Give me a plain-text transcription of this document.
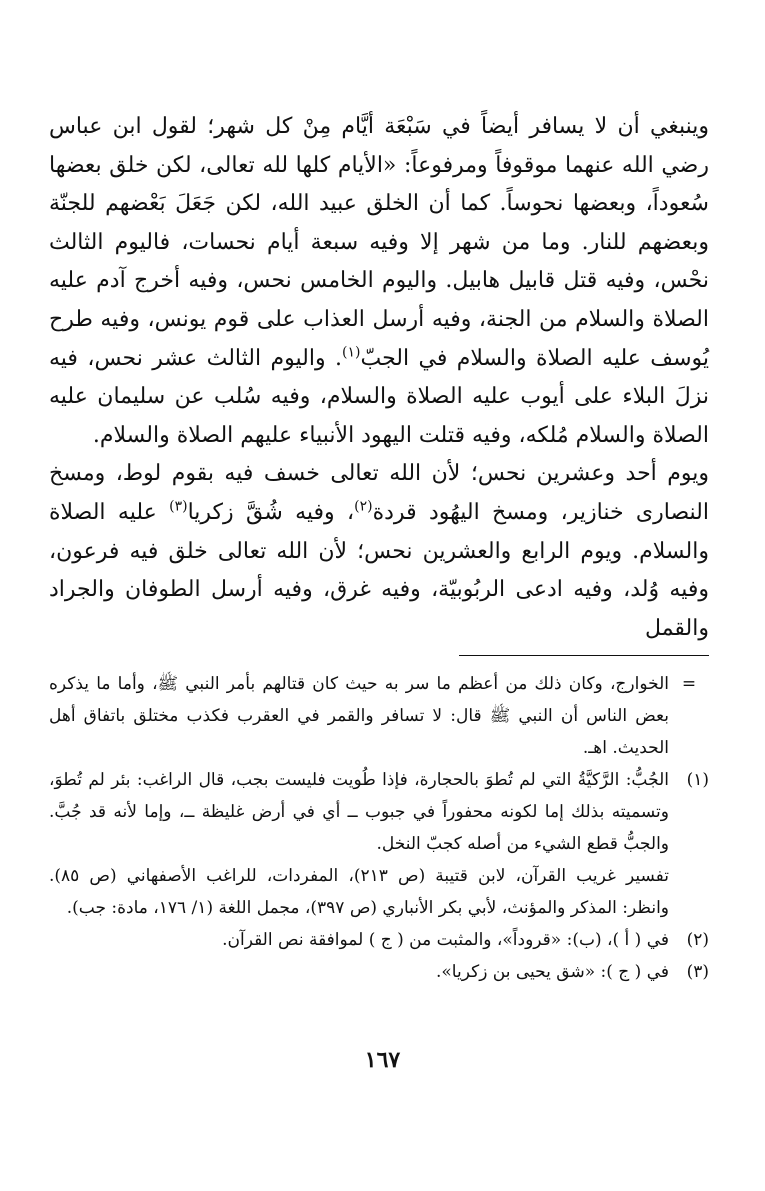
وينبغي أن لا يسافر أيضاً في سَبْعَة أيَّام مِنْ كل شهر؛ لقول ابن عباس رضي الله عنهما موقوفاً ومرفوعاً: «الأيام كلها لله تعالى، لكن خلق بعضها سُعوداً، وبعضها نحوساً. كما أن الخلق عبيد الله، لكن جَعَلَ بَعْضهم للجنّة وبعضهم للنار. وما من شهر إلا وفيه سبعة أيام نحسات، فاليوم الثالث نحْس، وفيه قتل قابيل هابيل. واليوم الخامس نحس، وفيه أخرج آدم عليه الصلاة والسلام من الجنة، وفيه أرسل العذاب على قوم يونس، وفيه طرح يُوسف عليه الصلاة والسلام في الجبّ$^{(١)}$. واليوم الثالث عشر نحس، فيه نزلَ البلاء على أيوب عليه الصلاة والسلام، وفيه سُلب عن سليمان عليه الصلاة والسلام مُلكه، وفيه قتلت اليهود الأنبياء عليهم الصلاة والسلام.

ويوم أحد وعشرين نحس؛ لأن الله تعالى خسف فيه بقوم لوط، ومسخ النصارى خنازير، ومسخ اليهُود قردة$^{(٢)}$، وفيه شُقَّ زكريا$^{(٣)}$ عليه الصلاة والسلام. ويوم الرابع والعشرين نحس؛ لأن الله تعالى خلق فيه فرعون، وفيه وُلد، وفيه ادعى الربُوبيّة، وفيه غرق، وفيه أرسل الطوفان والجراد والقمل

=

الخوارج، وكان ذلك من أعظم ما سر به حيث كان قتالهم بأمر النبي ﷺ، وأما ما يذكره بعض الناس أن النبي ﷺ قال: لا تسافر والقمر في العقرب فكذب مختلق باتفاق أهل الحديث. اهـ.

(١)

الجُبُّ: الرَّكيَّةُ التي لم تُطوَ بالحجارة، فإذا طُويت فليست بجب، قال الراغب: بئر لم تُطوَ، وتسميته بذلك إما لكونه محفوراً في جبوب ــ أي في أرض غليظة ــ، وإما لأنه قد جُبَّ. والجبُّ قطع الشيء من أصله كجبّ النخل.

تفسير غريب القرآن، لابن قتيبة (ص ٢١٣)، المفردات، للراغب الأصفهاني (ص ٨٥). وانظر: المذكر والمؤنث، لأبي بكر الأنباري (ص ٣٩٧)، مجمل اللغة (١/ ١٧٦، مادة: جب).

(٢)

في ( أ )، (ب): «قروداً»، والمثبت من ( ج ) لموافقة نص القرآن.

(٣)

في ( ج ): «شق يحيى بن زكريا».

١٦٧
